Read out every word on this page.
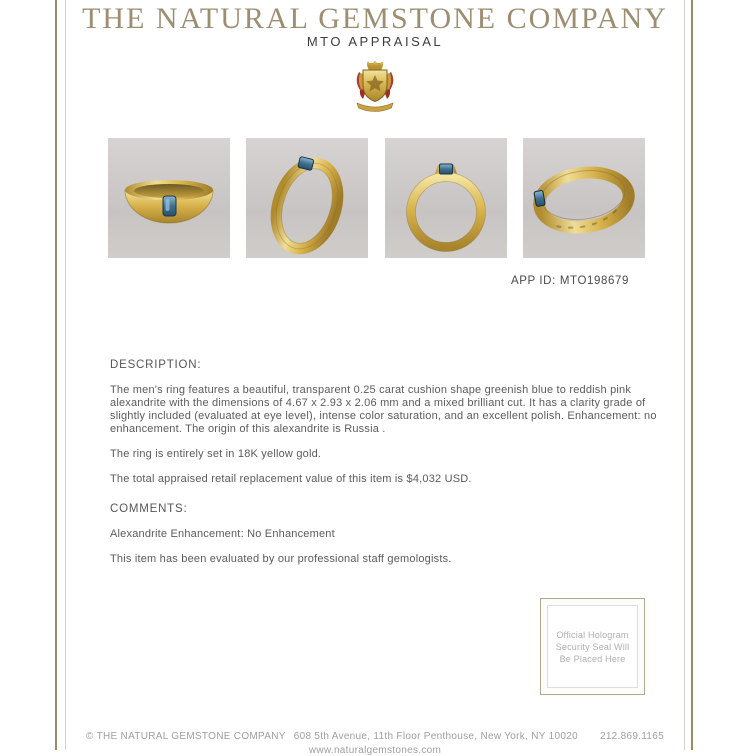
THE NATURAL GEMSTONE COMPANY
MTO APPRAISAL
APP ID: MTO198679
DESCRIPTION:

The men's ring features a beautiful, transparent 0.25 carat cushion shape greenish blue to reddish pink alexandrite with the dimensions of 4.67 x 2.93 x 2.06 mm and a mixed brilliant cut. It has a clarity grade of slightly included (evaluated at eye level), intense color saturation, and an excellent polish. Enhancement: no enhancement. The origin of this alexandrite is Russia .

The ring is entirely set in 18K yellow gold.

The total appraised retail replacement value of this item is $4,032 USD.

COMMENTS:

Alexandrite Enhancement: No Enhancement

This item has been evaluated by our professional staff gemologists.

Official Hologram
Security Seal Will
Be Placed Here
© THE NATURAL GEMSTONE COMPANY 608 5th Avenue, 11th Floor Penthouse, New York, NY 10020 212.869.1165
www.naturalgemstones.com
